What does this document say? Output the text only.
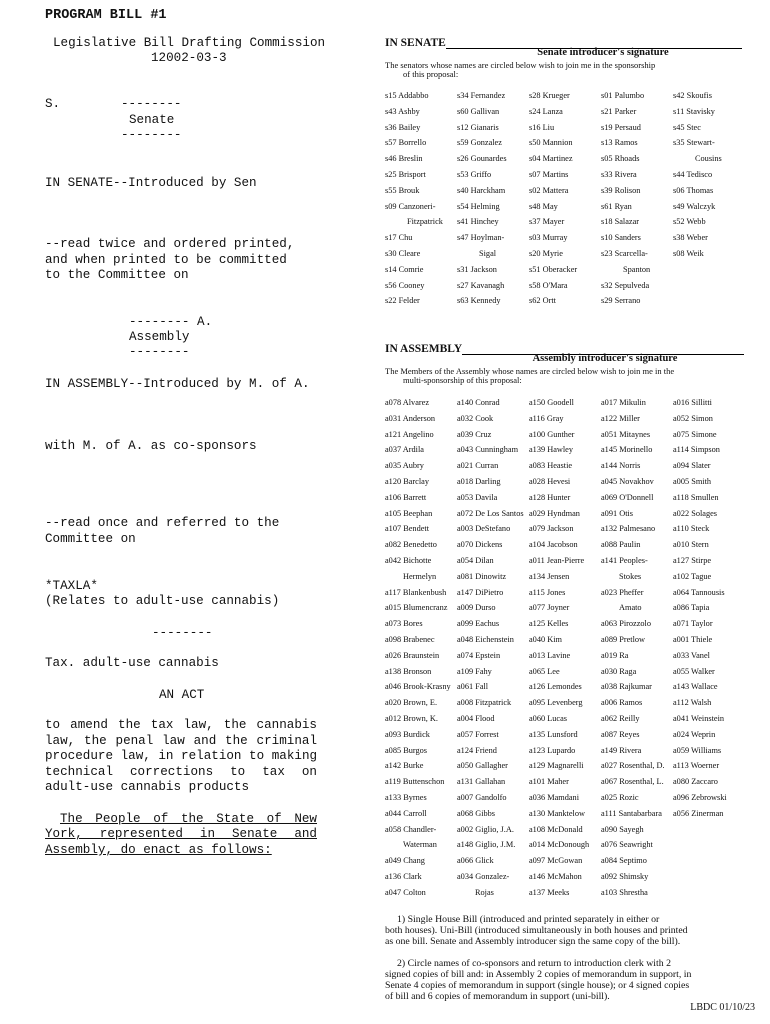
PROGRAM BILL #1
Legislative Bill Drafting Commission
12002-03-3
S.	--------
Senate
--------
IN SENATE--Introduced by Sen
--read twice and ordered printed,
and when printed to be committed
to the Committee on
-------- A.
Assembly
--------
IN ASSEMBLY--Introduced by M. of A.
with M. of A. as co-sponsors
--read once and referred to the
Committee on
*TAXLA*
(Relates to adult-use cannabis)
--------
Tax. adult-use cannabis
AN ACT
to amend the tax law, the cannabis
law, the penal law and the criminal
procedure law, in relation to making
technical corrections to tax on
adult-use cannabis products
The People of the State of New
York, represented in Senate and
Assembly, do enact as follows:
IN SENATE
Senate introducer's signature
The senators whose names are circled below wish to join me in the sponsorship
of this proposal:
s15 Addabbo
s43 Ashby
s36 Bailey
s57 Borrello
s46 Breslin
s25 Brisport
s55 Brouk
s09 Canzoneri-
Fitzpatrick
s17 Chu
s30 Cleare
s14 Comrie
s56 Cooney
s22 Felder
s34 Fernandez
s60 Gallivan
s12 Gianaris
s59 Gonzalez
s26 Gounardes
s53 Griffo
s40 Harckham
s54 Helming
s41 Hinchey
s47 Hoylman-
Sigal
s31 Jackson
s27 Kavanagh
s63 Kennedy
s28 Krueger
s24 Lanza
s16 Liu
s50 Mannion
s04 Martinez
s07 Martins
s02 Mattera
s48 May
s37 Mayer
s03 Murray
s20 Myrie
s51 Oberacker
s58 O'Mara
s62 Ortt
s01 Palumbo
s21 Parker
s19 Persaud
s13 Ramos
s05 Rhoads
s33 Rivera
s39 Rolison
s61 Ryan
s18 Salazar
s10 Sanders
s23 Scarcella-
Spanton
s32 Sepulveda
s29 Serrano
s42 Skoufis
s11 Stavisky
s45 Stec
s35 Stewart-
Cousins
s44 Tedisco
s06 Thomas
s49 Walczyk
s52 Webb
s38 Weber
s08 Weik
IN ASSEMBLY
Assembly introducer's signature
The Members of the Assembly whose names are circled below wish to join me in the
multi-sponsorship of this proposal:
a078 Alvarez
a031 Anderson
a121 Angelino
a037 Ardila
a035 Aubry
a120 Barclay
a106 Barrett
a105 Beephan
a107 Bendett
a082 Benedetto
a042 Bichotte
Hermelyn
a117 Blankenbush
a015 Blumencranz
a073 Bores
a098 Brabenec
a026 Braunstein
a138 Bronson
a046 Brook-Krasny
a020 Brown, E.
a012 Brown, K.
a093 Burdick
a085 Burgos
a142 Burke
a119 Buttenschon
a133 Byrnes
a044 Carroll
a058 Chandler-
Waterman
a049 Chang
a136 Clark
a047 Colton
a140 Conrad
a032 Cook
a039 Cruz
a043 Cunningham
a021 Curran
a018 Darling
a053 Davila
a072 De Los Santos
a003 DeStefano
a070 Dickens
a054 Dilan
a081 Dinowitz
a147 DiPietro
a009 Durso
a099 Eachus
a048 Eichenstein
a074 Epstein
a109 Fahy
a061 Fall
a008 Fitzpatrick
a004 Flood
a057 Forrest
a124 Friend
a050 Gallagher
a131 Gallahan
a007 Gandolfo
a068 Gibbs
a002 Giglio, J.A.
a148 Giglio, J.M.
a066 Glick
a034 Gonzalez-
Rojas
a150 Goodell
a116 Gray
a100 Gunther
a139 Hawley
a083 Heastie
a028 Hevesi
a128 Hunter
a029 Hyndman
a079 Jackson
a104 Jacobson
a011 Jean-Pierre
a134 Jensen
a115 Jones
a077 Joyner
a125 Kelles
a040 Kim
a013 Lavine
a065 Lee
a126 Lemondes
a095 Levenberg
a060 Lucas
a135 Lunsford
a123 Lupardo
a129 Magnarelli
a101 Maher
a036 Mamdani
a130 Manktelow
a108 McDonald
a014 McDonough
a097 McGowan
a146 McMahon
a137 Meeks
a017 Mikulin
a122 Miller
a051 Mitaynes
a145 Morinello
a144 Norris
a045 Novakhov
a069 O'Donnell
a091 Otis
a132 Palmesano
a088 Paulin
a141 Peoples-
Stokes
a023 Pheffer
Amato
a063 Pirozzolo
a089 Pretlow
a019 Ra
a030 Raga
a038 Rajkumar
a006 Ramos
a062 Reilly
a087 Reyes
a149 Rivera
a027 Rosenthal, D.
a067 Rosenthal, L.
a025 Rozic
a111 Santabarbara
a090 Sayegh
a076 Seawright
a084 Septimo
a092 Shimsky
a103 Shrestha
a016 Sillitti
a052 Simon
a075 Simone
a114 Simpson
a094 Slater
a005 Smith
a118 Smullen
a022 Solages
a110 Steck
a010 Stern
a127 Stirpe
a102 Tague
a064 Tannousis
a086 Tapia
a071 Taylor
a001 Thiele
a033 Vanel
a055 Walker
a143 Wallace
a112 Walsh
a041 Weinstein
a024 Weprin
a059 Williams
a113 Woerner
a080 Zaccaro
a096 Zebrowski
a056 Zinerman
1) Single House Bill (introduced and printed separately in either or
both houses). Uni-Bill (introduced simultaneously in both houses and printed
as one bill. Senate and Assembly introducer sign the same copy of the bill).
2) Circle names of co-sponsors and return to introduction clerk with 2
signed copies of bill and: in Assembly 2 copies of memorandum in support, in
Senate 4 copies of memorandum in support (single house); or 4 signed copies
of bill and 6 copies of memorandum in support (uni-bill).
LBDC 01/10/23
